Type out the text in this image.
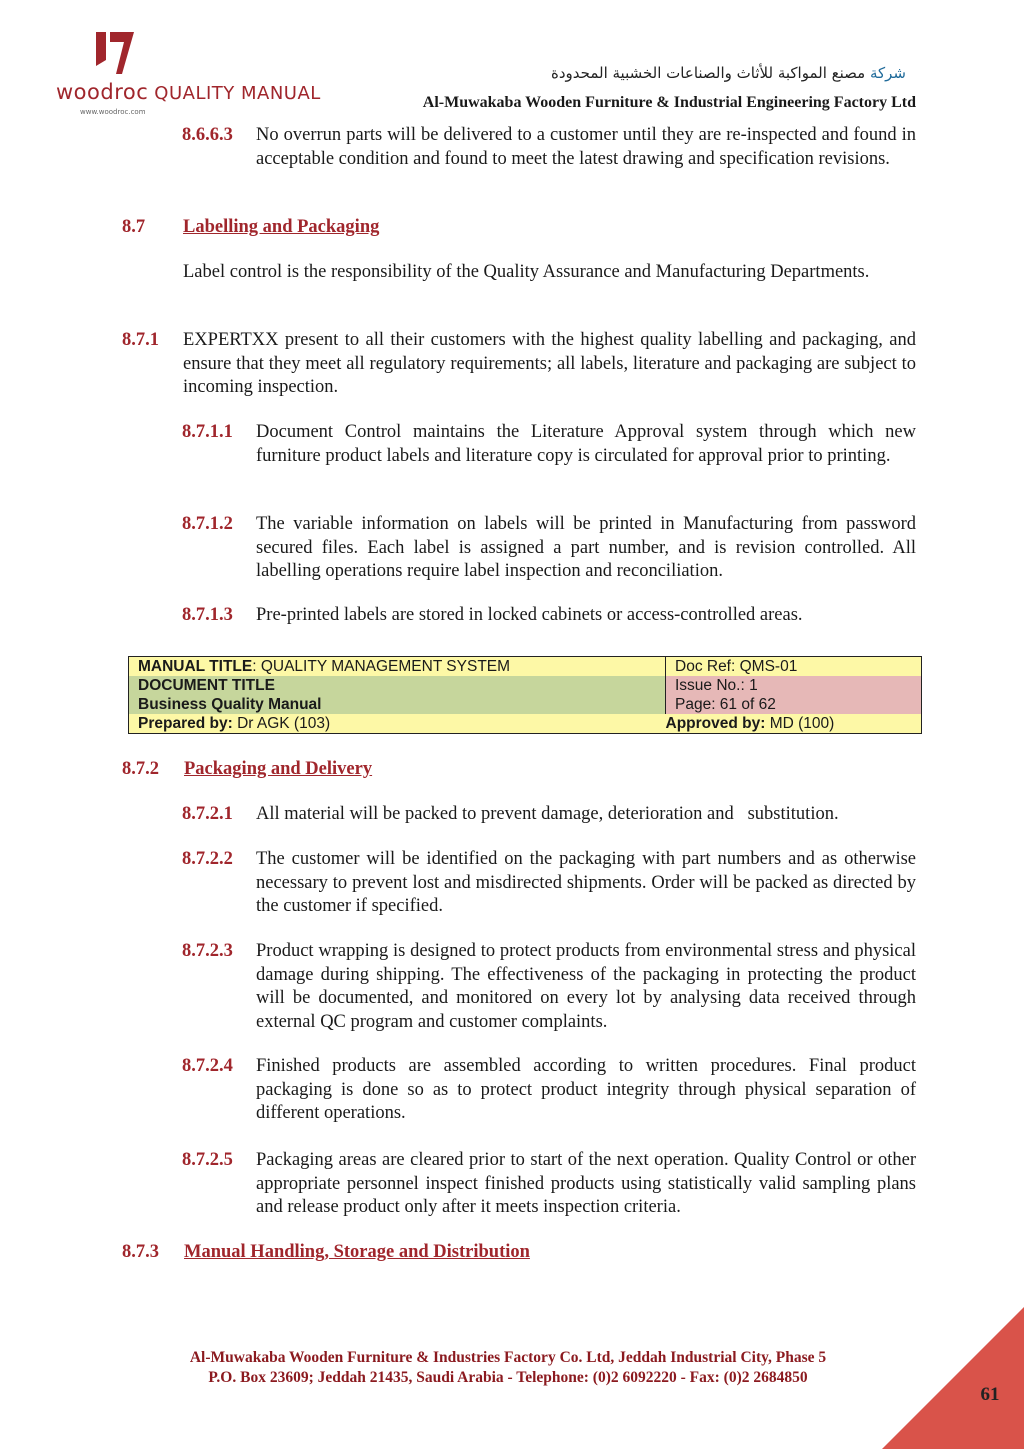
woodroc QUALITY MANUAL
www.woodroc.com
شركة مصنع المواكبة للأثاث والصناعات الخشبية المحدودة
Al-Muwakaba Wooden Furniture & Industrial Engineering Factory Ltd
8.6.6.3 No overrun parts will be delivered to a customer until they are re-inspected and found in acceptable condition and found to meet the latest drawing and specification revisions.
8.7 Labelling and Packaging
Label control is the responsibility of the Quality Assurance and Manufacturing Departments.
8.7.1 EXPERTXX present to all their customers with the highest quality labelling and packaging, and ensure that they meet all regulatory requirements; all labels, literature and packaging are subject to incoming inspection.
8.7.1.1 Document Control maintains the Literature Approval system through which new furniture product labels and literature copy is circulated for approval prior to printing.
8.7.1.2 The variable information on labels will be printed in Manufacturing from password secured files. Each label is assigned a part number, and is revision controlled. All labelling operations require label inspection and reconciliation.
8.7.1.3 Pre-printed labels are stored in locked cabinets or access-controlled areas.
MANUAL TITLE: QUALITY MANAGEMENT SYSTEM	Doc Ref: QMS-01
DOCUMENT TITLE	Issue No.: 1
Business Quality Manual	Page: 61 of 62
Prepared by: Dr AGK (103)	Approved by: MD (100)
8.7.2 Packaging and Delivery
8.7.2.1 All material will be packed to prevent damage, deterioration and   substitution.
8.7.2.2 The customer will be identified on the packaging with part numbers and as otherwise necessary to prevent lost and misdirected shipments. Order will be packed as directed by the customer if specified.
8.7.2.3 Product wrapping is designed to protect products from environmental stress and physical damage during shipping. The effectiveness of the packaging in protecting the product will be documented, and monitored on every lot by analysing data received through external QC program and customer complaints.
8.7.2.4 Finished products are assembled according to written procedures. Final product packaging is done so as to protect product integrity through physical separation of different operations.
8.7.2.5 Packaging areas are cleared prior to start of the next operation. Quality Control or other appropriate personnel inspect finished products using statistically valid sampling plans and release product only after it meets inspection criteria.
8.7.3 Manual Handling, Storage and Distribution
Al-Muwakaba Wooden Furniture & Industries Factory Co. Ltd, Jeddah Industrial City, Phase 5
P.O. Box 23609; Jeddah 21435, Saudi Arabia - Telephone: (0)2 6092220 - Fax: (0)2 2684850
61
